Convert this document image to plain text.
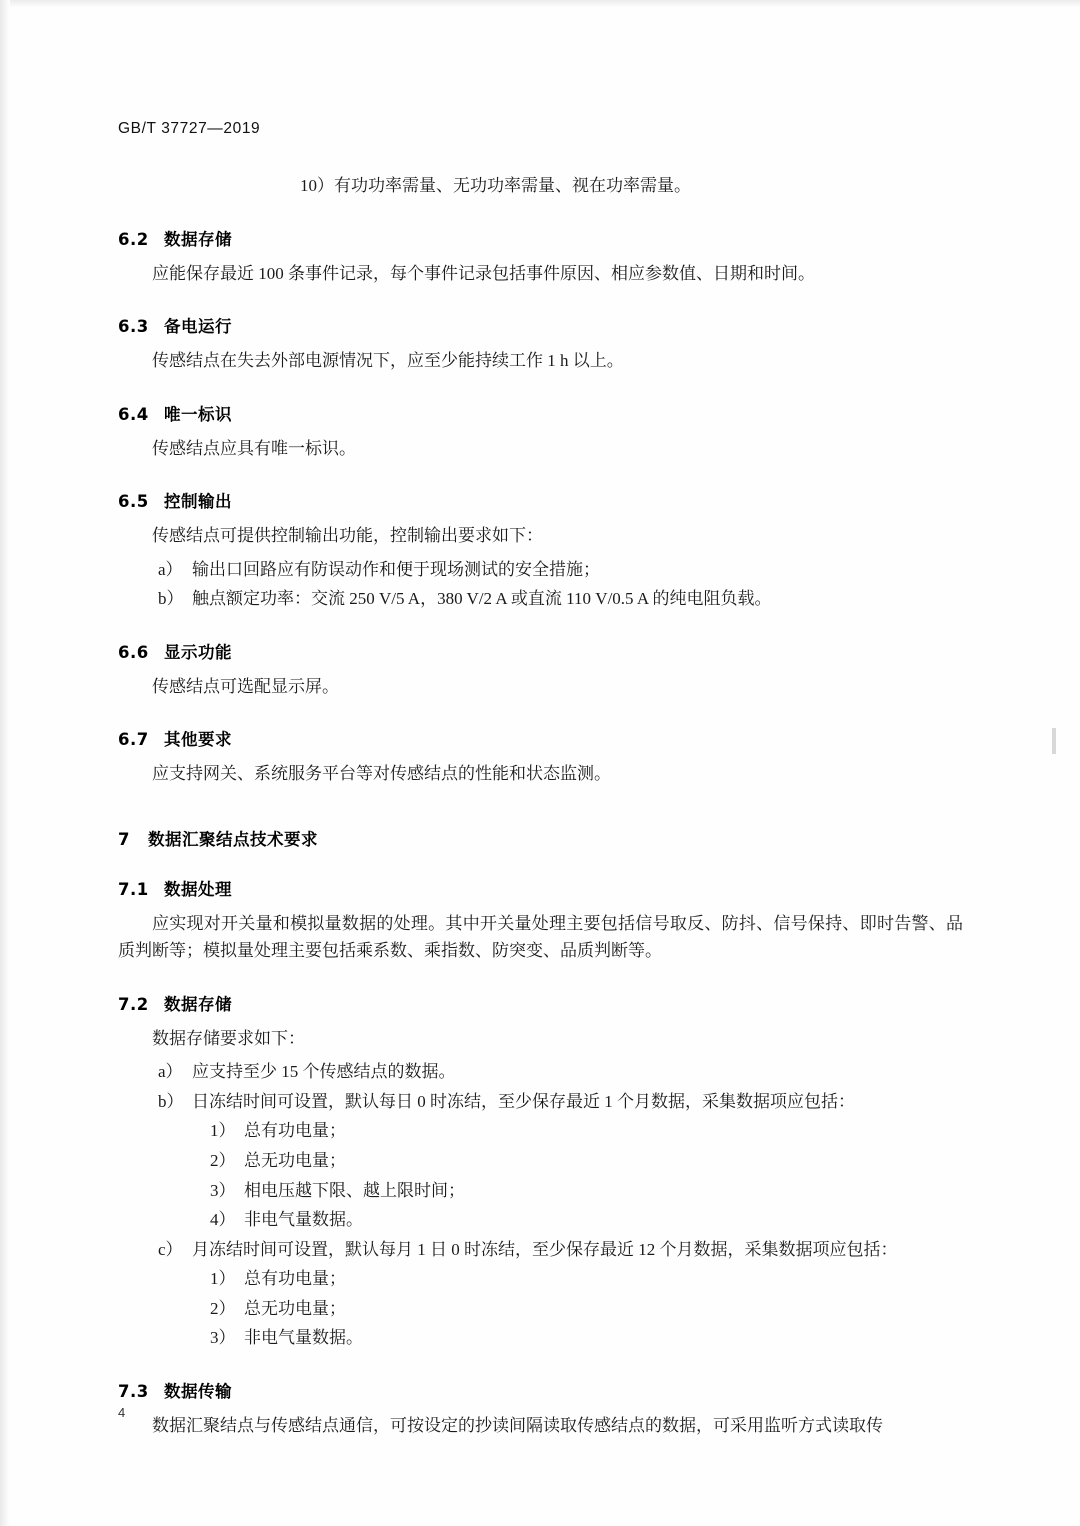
GB/T 37727—2019
10） 有功功率需量、无功功率需量、视在功率需量。
6.2 数据存储
应能保存最近 100 条事件记录，每个事件记录包括事件原因、相应参数值、日期和时间。
6.3 备电运行
传感结点在失去外部电源情况下，应至少能持续工作 1 h 以上。
6.4 唯一标识
传感结点应具有唯一标识。
6.5 控制输出
传感结点可提供控制输出功能，控制输出要求如下：
a） 输出口回路应有防误动作和便于现场测试的安全措施；
b） 触点额定功率：交流 250 V/5 A，380 V/2 A 或直流 110 V/0.5 A 的纯电阻负载。
6.6 显示功能
传感结点可选配显示屏。
6.7 其他要求
应支持网关、系统服务平台等对传感结点的性能和状态监测。
7 数据汇聚结点技术要求
7.1 数据处理
应实现对开关量和模拟量数据的处理。其中开关量处理主要包括信号取反、防抖、信号保持、即时告警、品质判断等；模拟量处理主要包括乘系数、乘指数、防突变、品质判断等。
7.2 数据存储
数据存储要求如下：
a） 应支持至少 15 个传感结点的数据。
b） 日冻结时间可设置，默认每日 0 时冻结，至少保存最近 1 个月数据，采集数据项应包括：
1） 总有功电量；
2） 总无功电量；
3） 相电压越下限、越上限时间；
4） 非电气量数据。
c） 月冻结时间可设置，默认每月 1 日 0 时冻结，至少保存最近 12 个月数据，采集数据项应包括：
1） 总有功电量；
2） 总无功电量；
3） 非电气量数据。
7.3 数据传输
数据汇聚结点与传感结点通信，可按设定的抄读间隔读取传感结点的数据，可采用监听方式读取传
4
